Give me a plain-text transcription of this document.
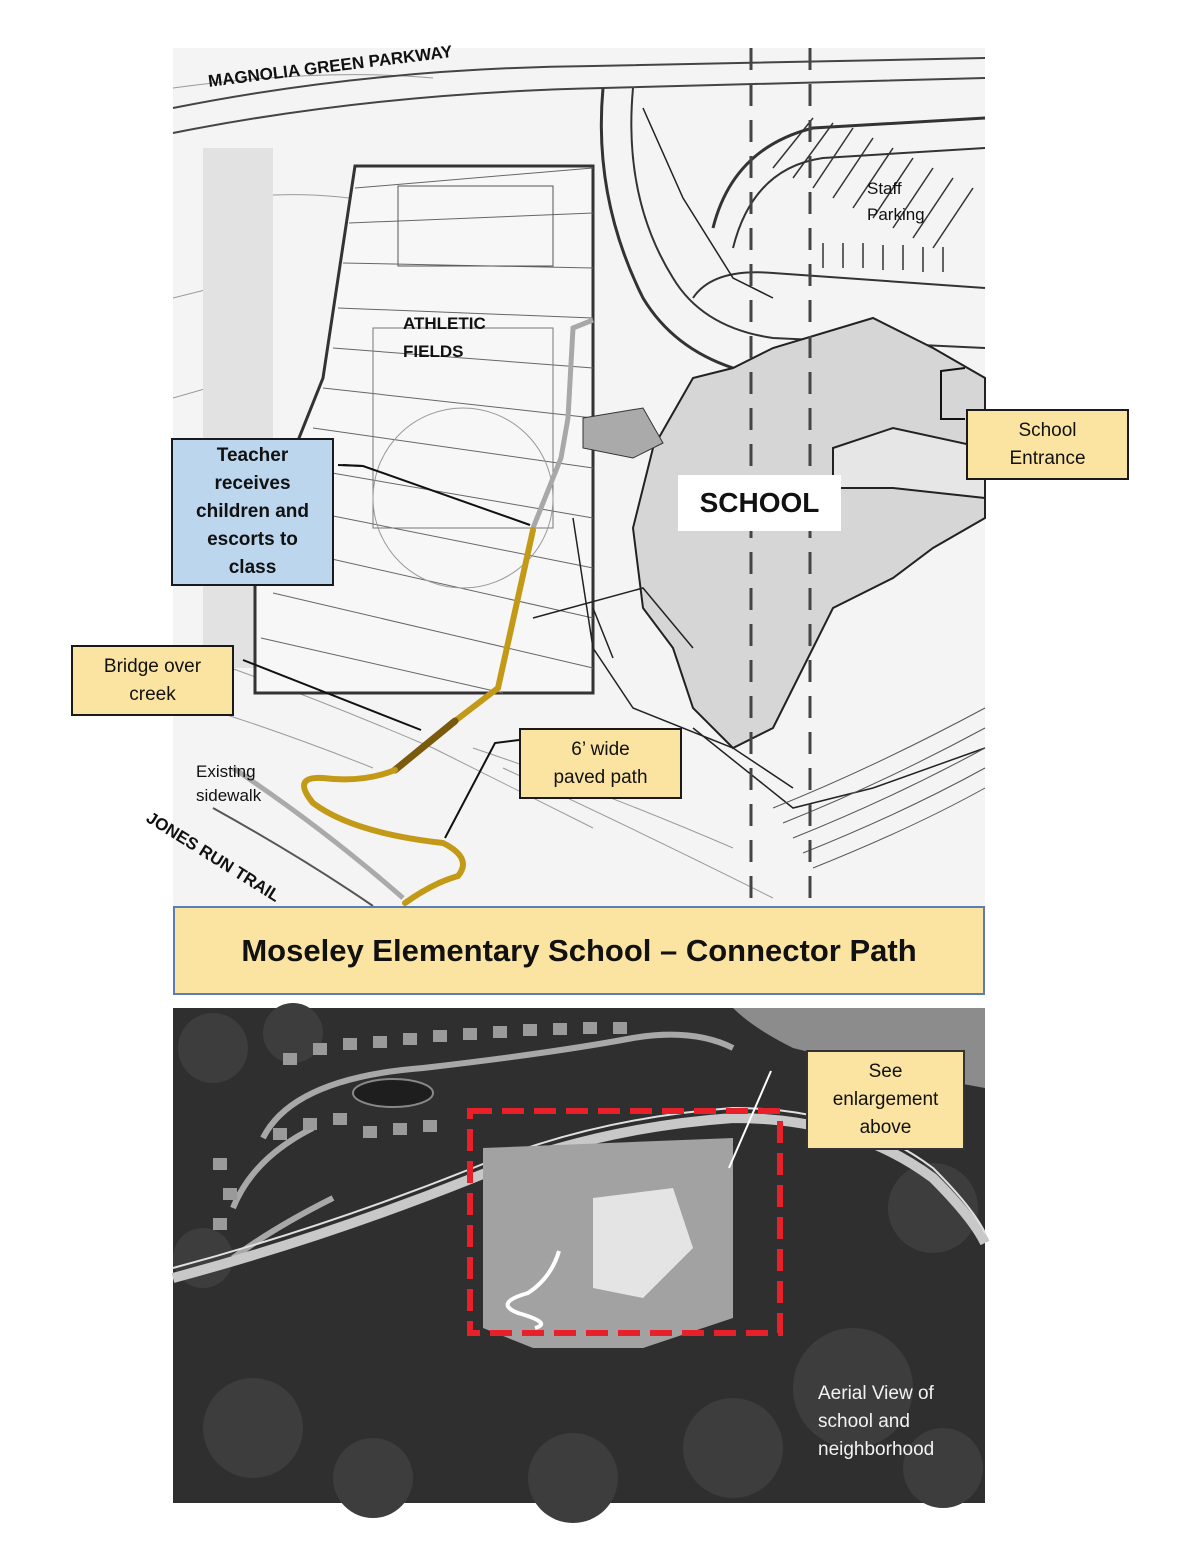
MAGNOLIA GREEN PARKWAY
JONES RUN TRAIL
ATHLETIC
FIELDS
Staff
Parking
SCHOOL
Existing
sidewalk
Teacher
receives
children and
escorts to
class
School
Entrance
Bridge over
creek
6’ wide
paved path
Moseley Elementary School – Connector Path
See
enlargement
above
Aerial View of
school and
neighborhood
